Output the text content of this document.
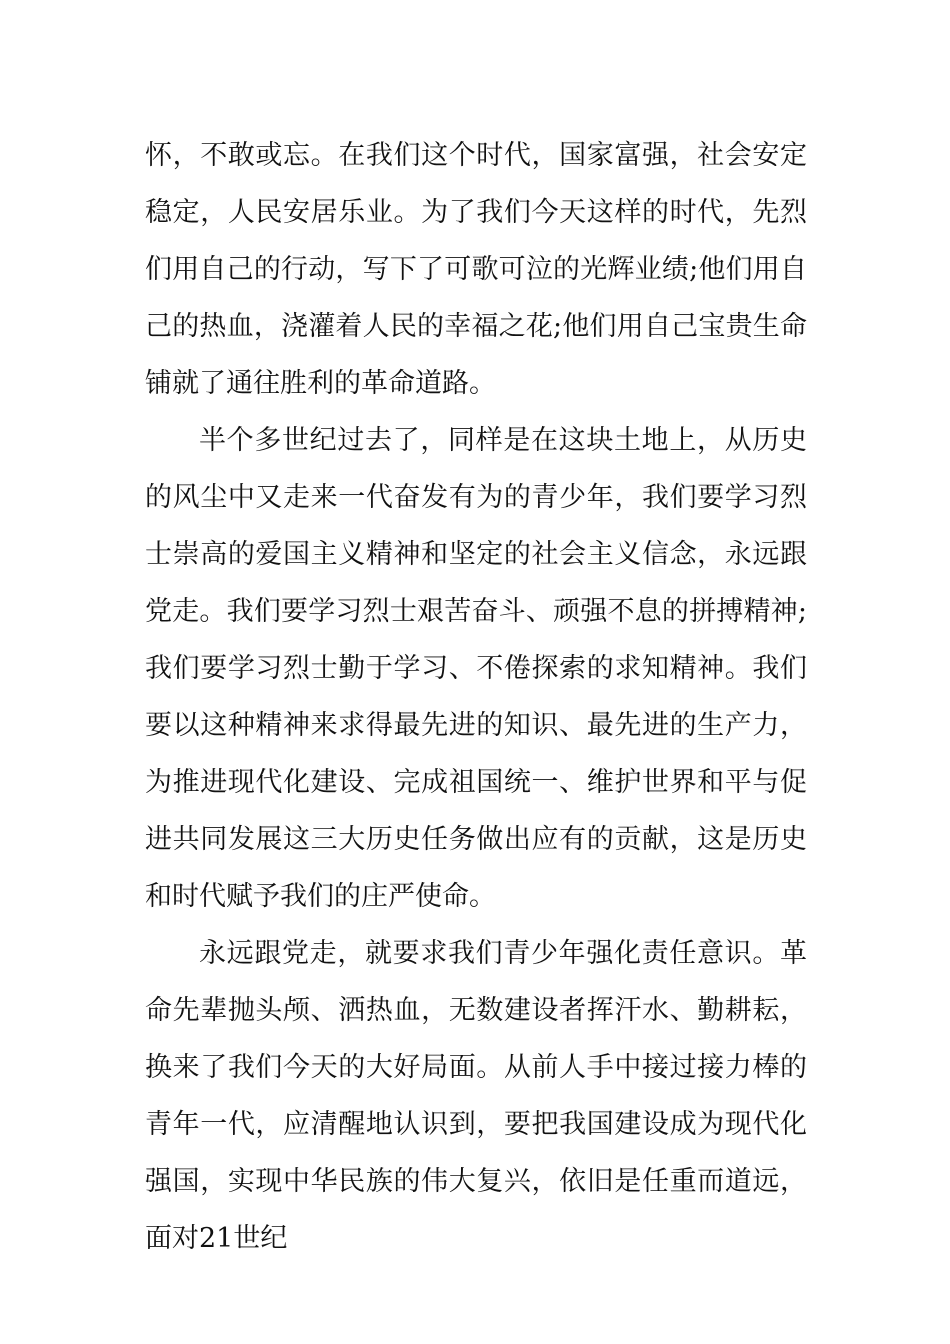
怀，不敢或忘。在我们这个时代，国家富强，社会安定稳定，人民安居乐业。为了我们今天这样的时代，先烈们用自己的行动，写下了可歌可泣的光辉业绩;他们用自己的热血，浇灌着人民的幸福之花;他们用自己宝贵生命铺就了通往胜利的革命道路。

半个多世纪过去了，同样是在这块土地上，从历史的风尘中又走来一代奋发有为的青少年，我们要学习烈士崇高的爱国主义精神和坚定的社会主义信念，永远跟党走。我们要学习烈士艰苦奋斗、顽强不息的拼搏精神;我们要学习烈士勤于学习、不倦探索的求知精神。我们要以这种精神来求得最先进的知识、最先进的生产力，为推进现代化建设、完成祖国统一、维护世界和平与促进共同发展这三大历史任务做出应有的贡献，这是历史和时代赋予我们的庄严使命。

永远跟党走，就要求我们青少年强化责任意识。革命先辈抛头颅、洒热血，无数建设者挥汗水、勤耕耘，换来了我们今天的大好局面。从前人手中接过接力棒的青年一代，应清醒地认识到，要把我国建设成为现代化强国，实现中华民族的伟大复兴，依旧是任重而道远，面对21世纪
